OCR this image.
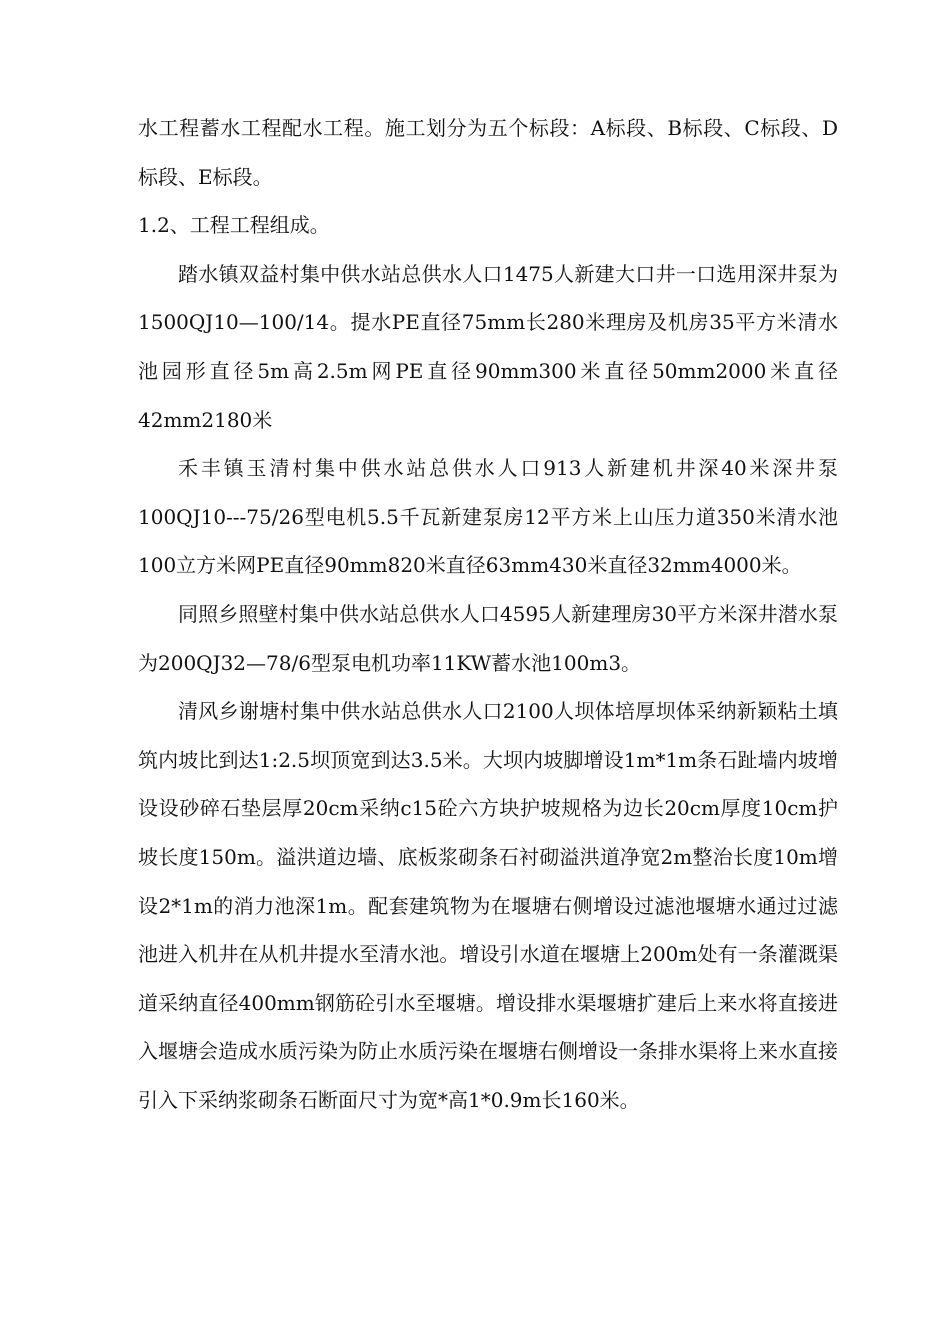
水工程蓄水工程配水工程。施工划分为五个标段：A标段、B标段、C标段、D标段、E标段。

1.2、工程工程组成。

踏水镇双益村集中供水站总供水人口1475人新建大口井一口选用深井泵为1500QJ10—100/14。提水PE直径75mm长280米理房及机房35平方米清水池园形直径5m高2.5m网PE直径90mm300米直径50mm2000米直径42mm2180米

禾丰镇玉清村集中供水站总供水人口913人新建机井深40米深井泵100QJ10---75/26型电机5.5千瓦新建泵房12平方米上山压力道350米清水池100立方米网PE直径90mm820米直径63mm430米直径32mm4000米。

同照乡照壁村集中供水站总供水人口4595人新建理房30平方米深井潜水泵为200QJ32—78/6型泵电机功率11KW蓄水池100m3。

清风乡谢塘村集中供水站总供水人口2100人坝体培厚坝体采纳新颖粘土填筑内坡比到达1:2.5坝顶宽到达3.5米。大坝内坡脚增设1m*1m条石趾墙内坡增设设砂碎石垫层厚20cm采纳c15砼六方块护坡规格为边长20cm厚度10cm护坡长度150m。溢洪道边墙、底板浆砌条石衬砌溢洪道净宽2m整治长度10m增设2*1m的消力池深1m。配套建筑物为在堰塘右侧增设过滤池堰塘水通过过滤池进入机井在从机井提水至清水池。增设引水道在堰塘上200m处有一条灌溉渠道采纳直径400mm钢筋砼引水至堰塘。增设排水渠堰塘扩建后上来水将直接进入堰塘会造成水质污染为防止水质污染在堰塘右侧增设一条排水渠将上来水直接引入下采纳浆砌条石断面尺寸为宽*高1*0.9m长160米。
